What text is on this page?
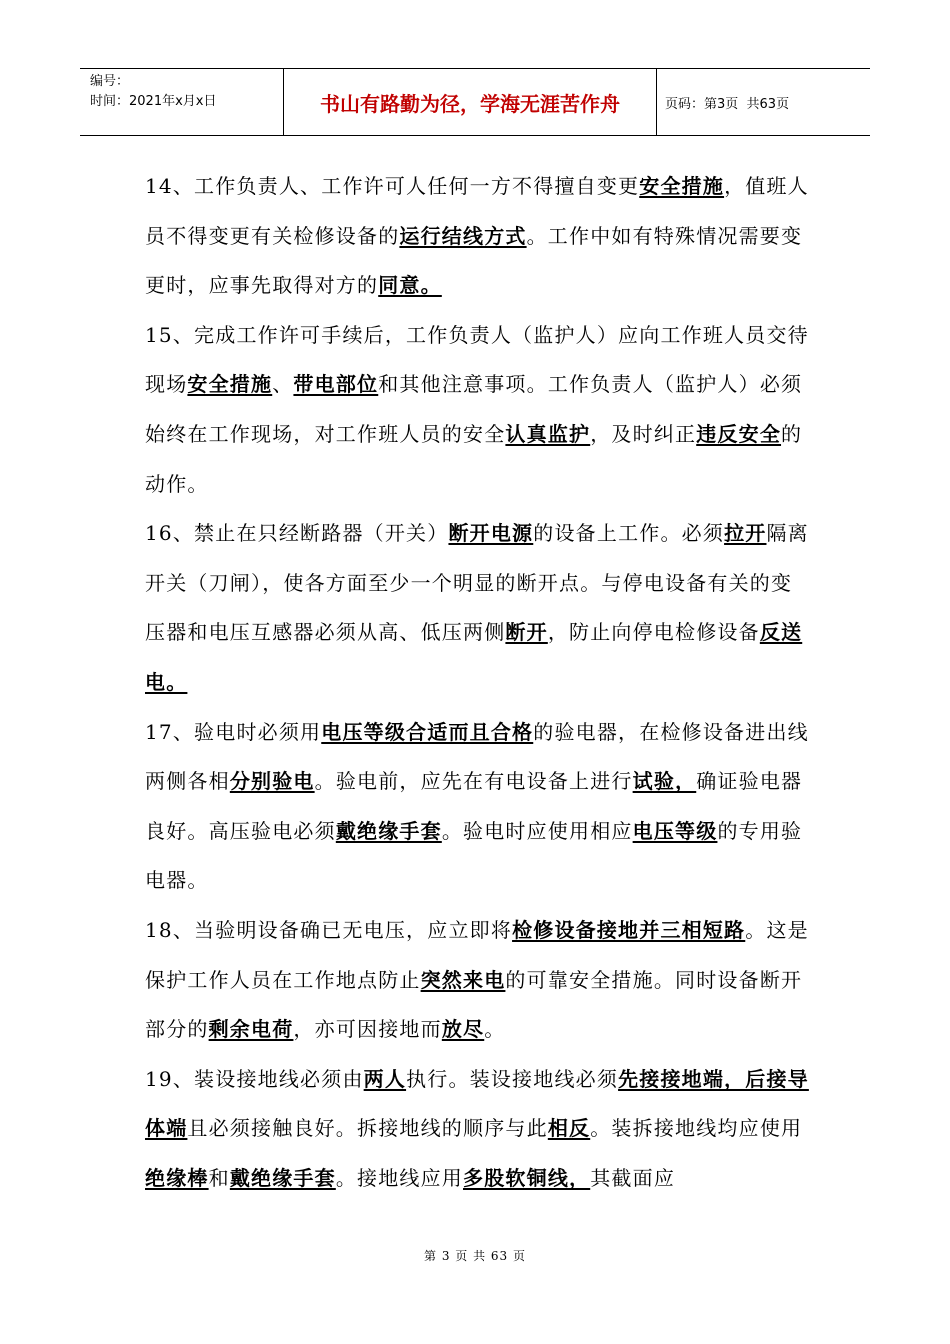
编号：
时间：2021年x月x日	书山有路勤为径，学海无涯苦作舟	页码：第3页  共63页

14、工作负责人、工作许可人任何一方不得擅自变更安全措施，值班人员不得变更有关检修设备的运行结线方式。工作中如有特殊情况需要变更时，应事先取得对方的同意。

15、完成工作许可手续后，工作负责人（监护人）应向工作班人员交待现场安全措施、带电部位和其他注意事项。工作负责人（监护人）必须始终在工作现场，对工作班人员的安全认真监护，及时纠正违反安全的动作。

16、禁止在只经断路器（开关）断开电源的设备上工作。必须拉开隔离开关（刀闸），使各方面至少一个明显的断开点。与停电设备有关的变压器和电压互感器必须从高、低压两侧断开，防止向停电检修设备反送电。

17、验电时必须用电压等级合适而且合格的验电器，在检修设备进出线两侧各相分别验电。验电前，应先在有电设备上进行试验，确证验电器良好。高压验电必须戴绝缘手套。验电时应使用相应电压等级的专用验电器。

18、当验明设备确已无电压，应立即将检修设备接地并三相短路。这是保护工作人员在工作地点防止突然来电的可靠安全措施。同时设备断开部分的剩余电荷，亦可因接地而放尽。

19、装设接地线必须由两人执行。装设接地线必须先接接地端，后接导体端且必须接触良好。拆接地线的顺序与此相反。装拆接地线均应使用绝缘棒和戴绝缘手套。接地线应用多股软铜线，其截面应

第 3 页 共 63 页
